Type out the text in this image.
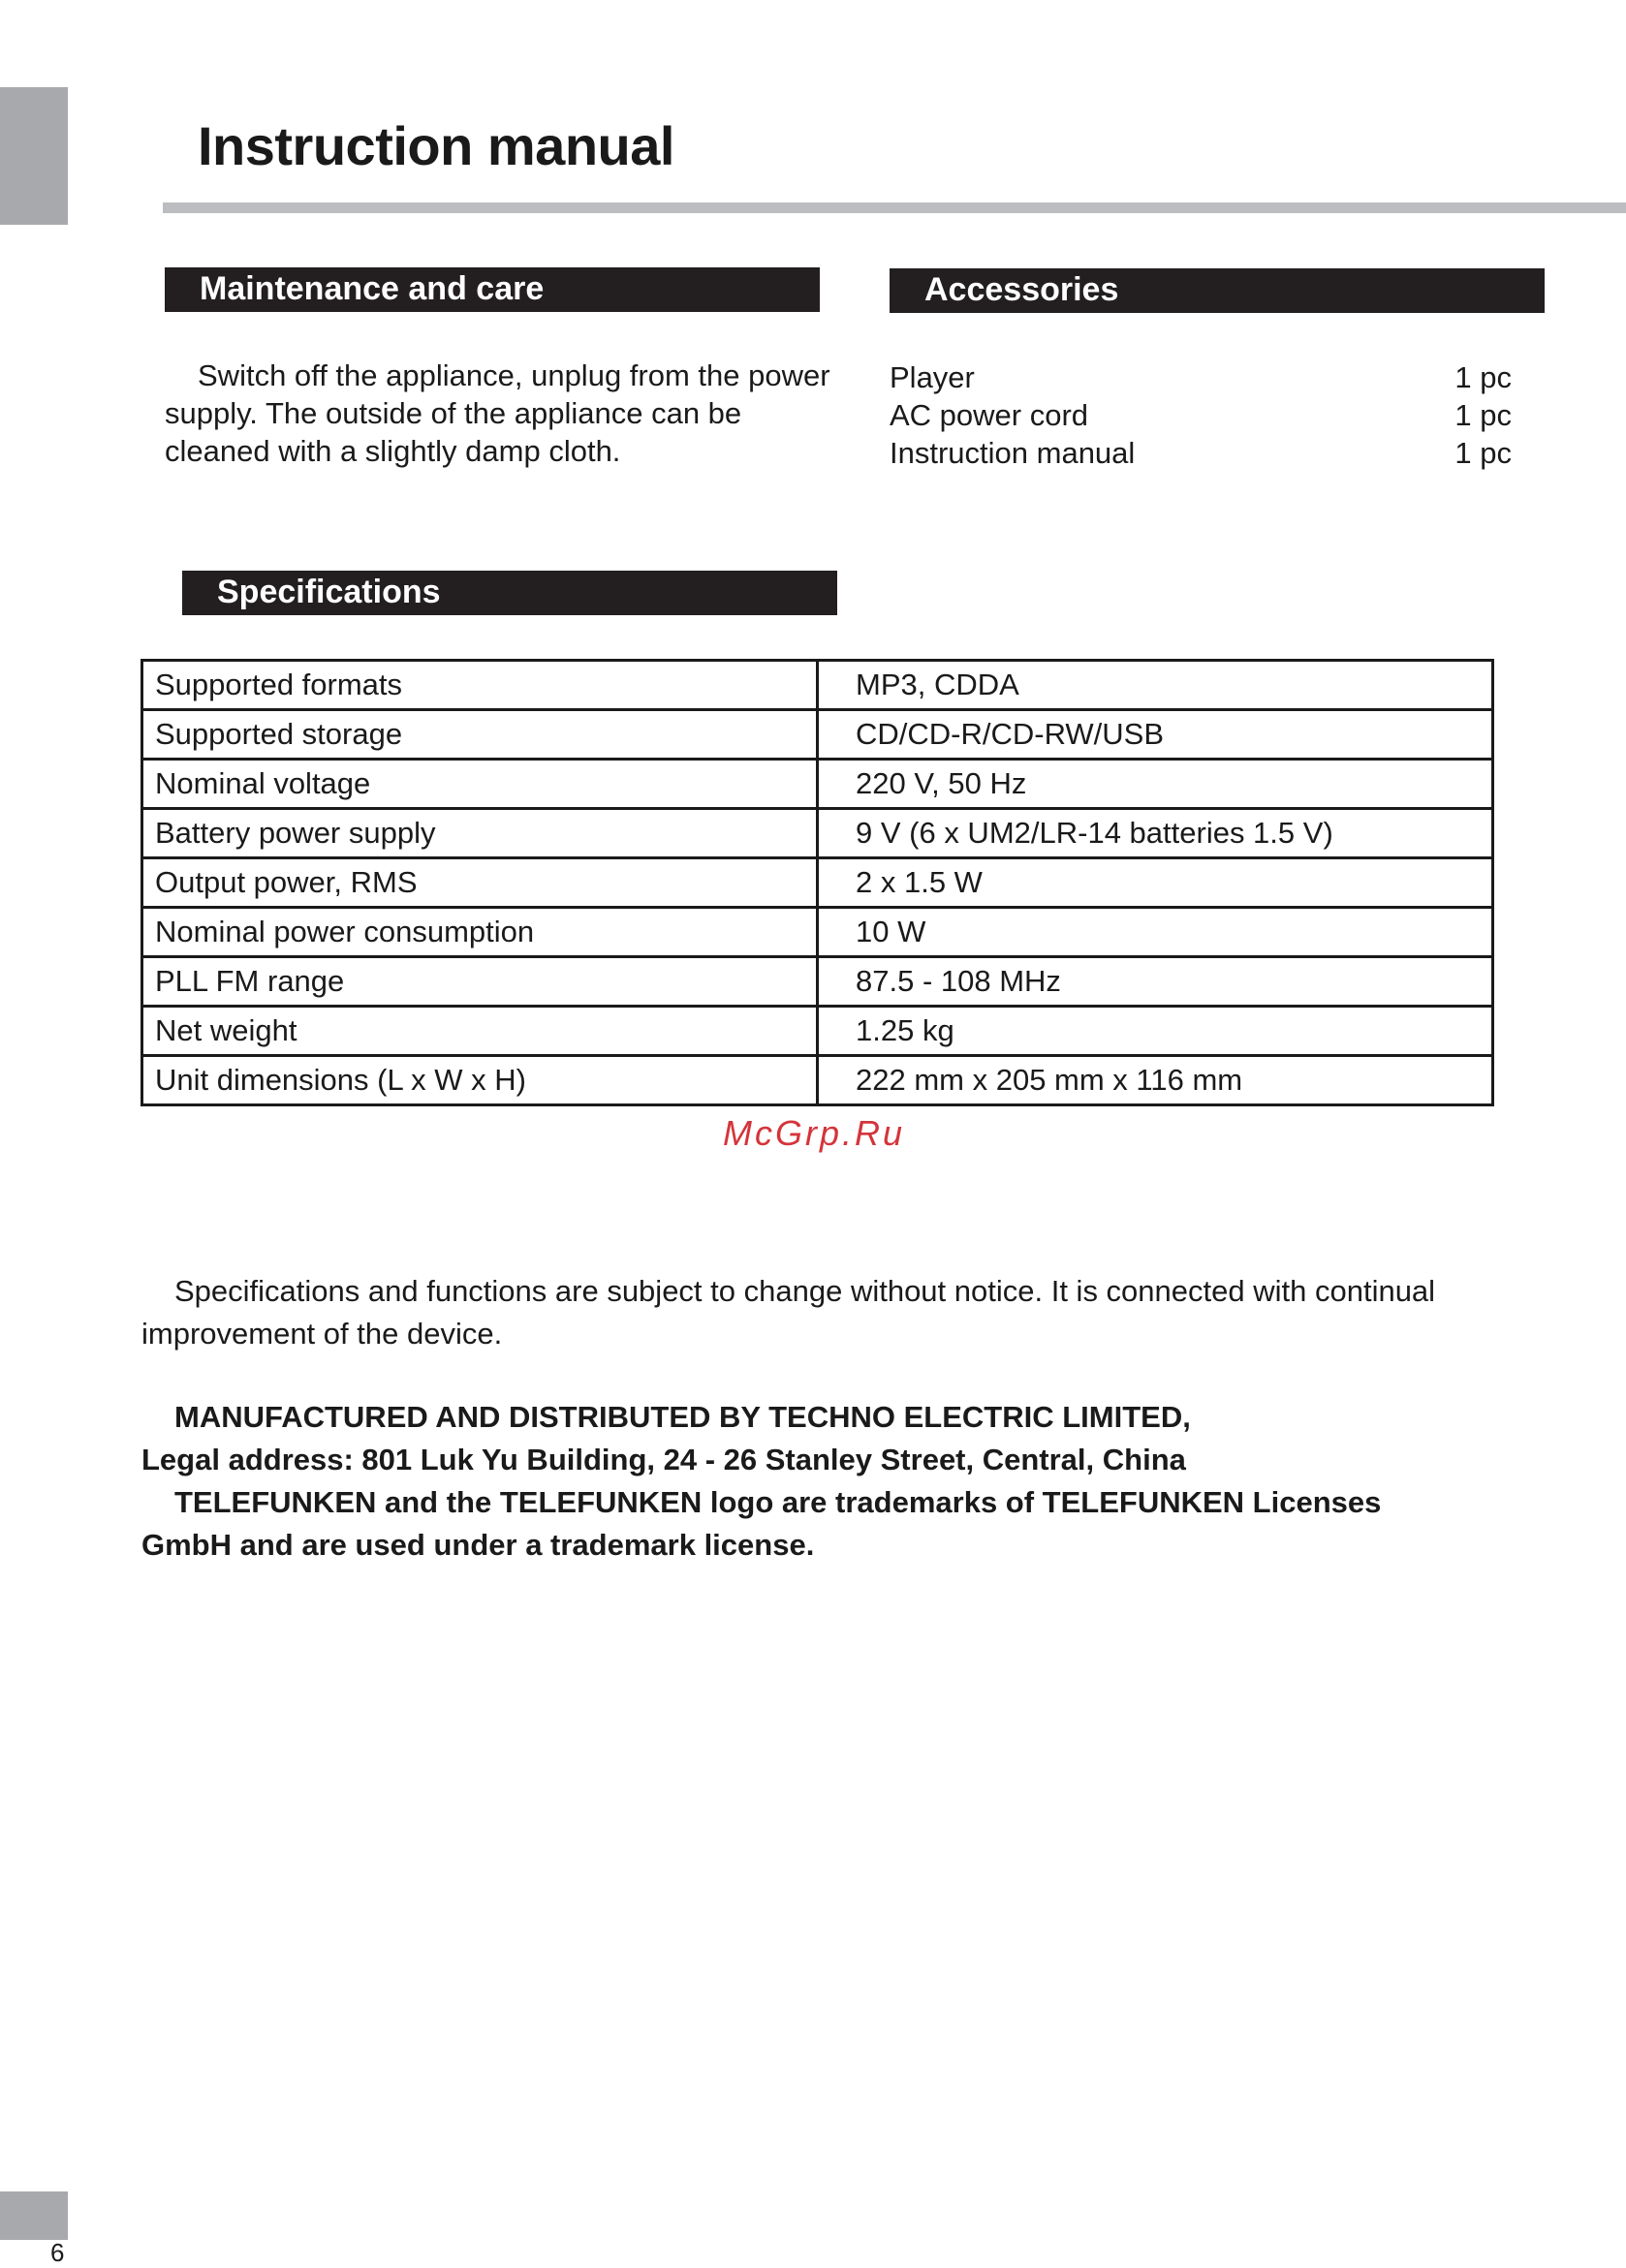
6
Instruction manual
Maintenance and care

Switch off the appliance, unplug from the power supply. The outside of the appliance can be cleaned with a slightly damp cloth.

Accessories
Player	1 pc
AC power cord	1 pc
Instruction manual	1 pc
Specifications
Supported formats	MP3, CDDA
Supported storage	CD/CD-R/CD-RW/USB
Nominal voltage	220 V, 50 Hz
Battery power supply	9 V (6 x UM2/LR-14 batteries 1.5 V)
Output power, RMS	2 x 1.5 W
Nominal power consumption	10 W
PLL FM range	87.5 - 108 MHz
Net weight	1.25 kg
Unit dimensions (L x W x H)	222 mm x 205 mm x 116 mm
McGrp.Ru

Specifications and functions are subject to change without notice. It is connected with continual improvement of the device.

MANUFACTURED AND DISTRIBUTED BY TECHNO ELECTRIC LIMITED,
Legal address: 801 Luk Yu Building, 24 - 26 Stanley Street, Central, China
TELEFUNKEN and the TELEFUNKEN logo are trademarks of TELEFUNKEN Licenses
GmbH and are used under a trademark license.
